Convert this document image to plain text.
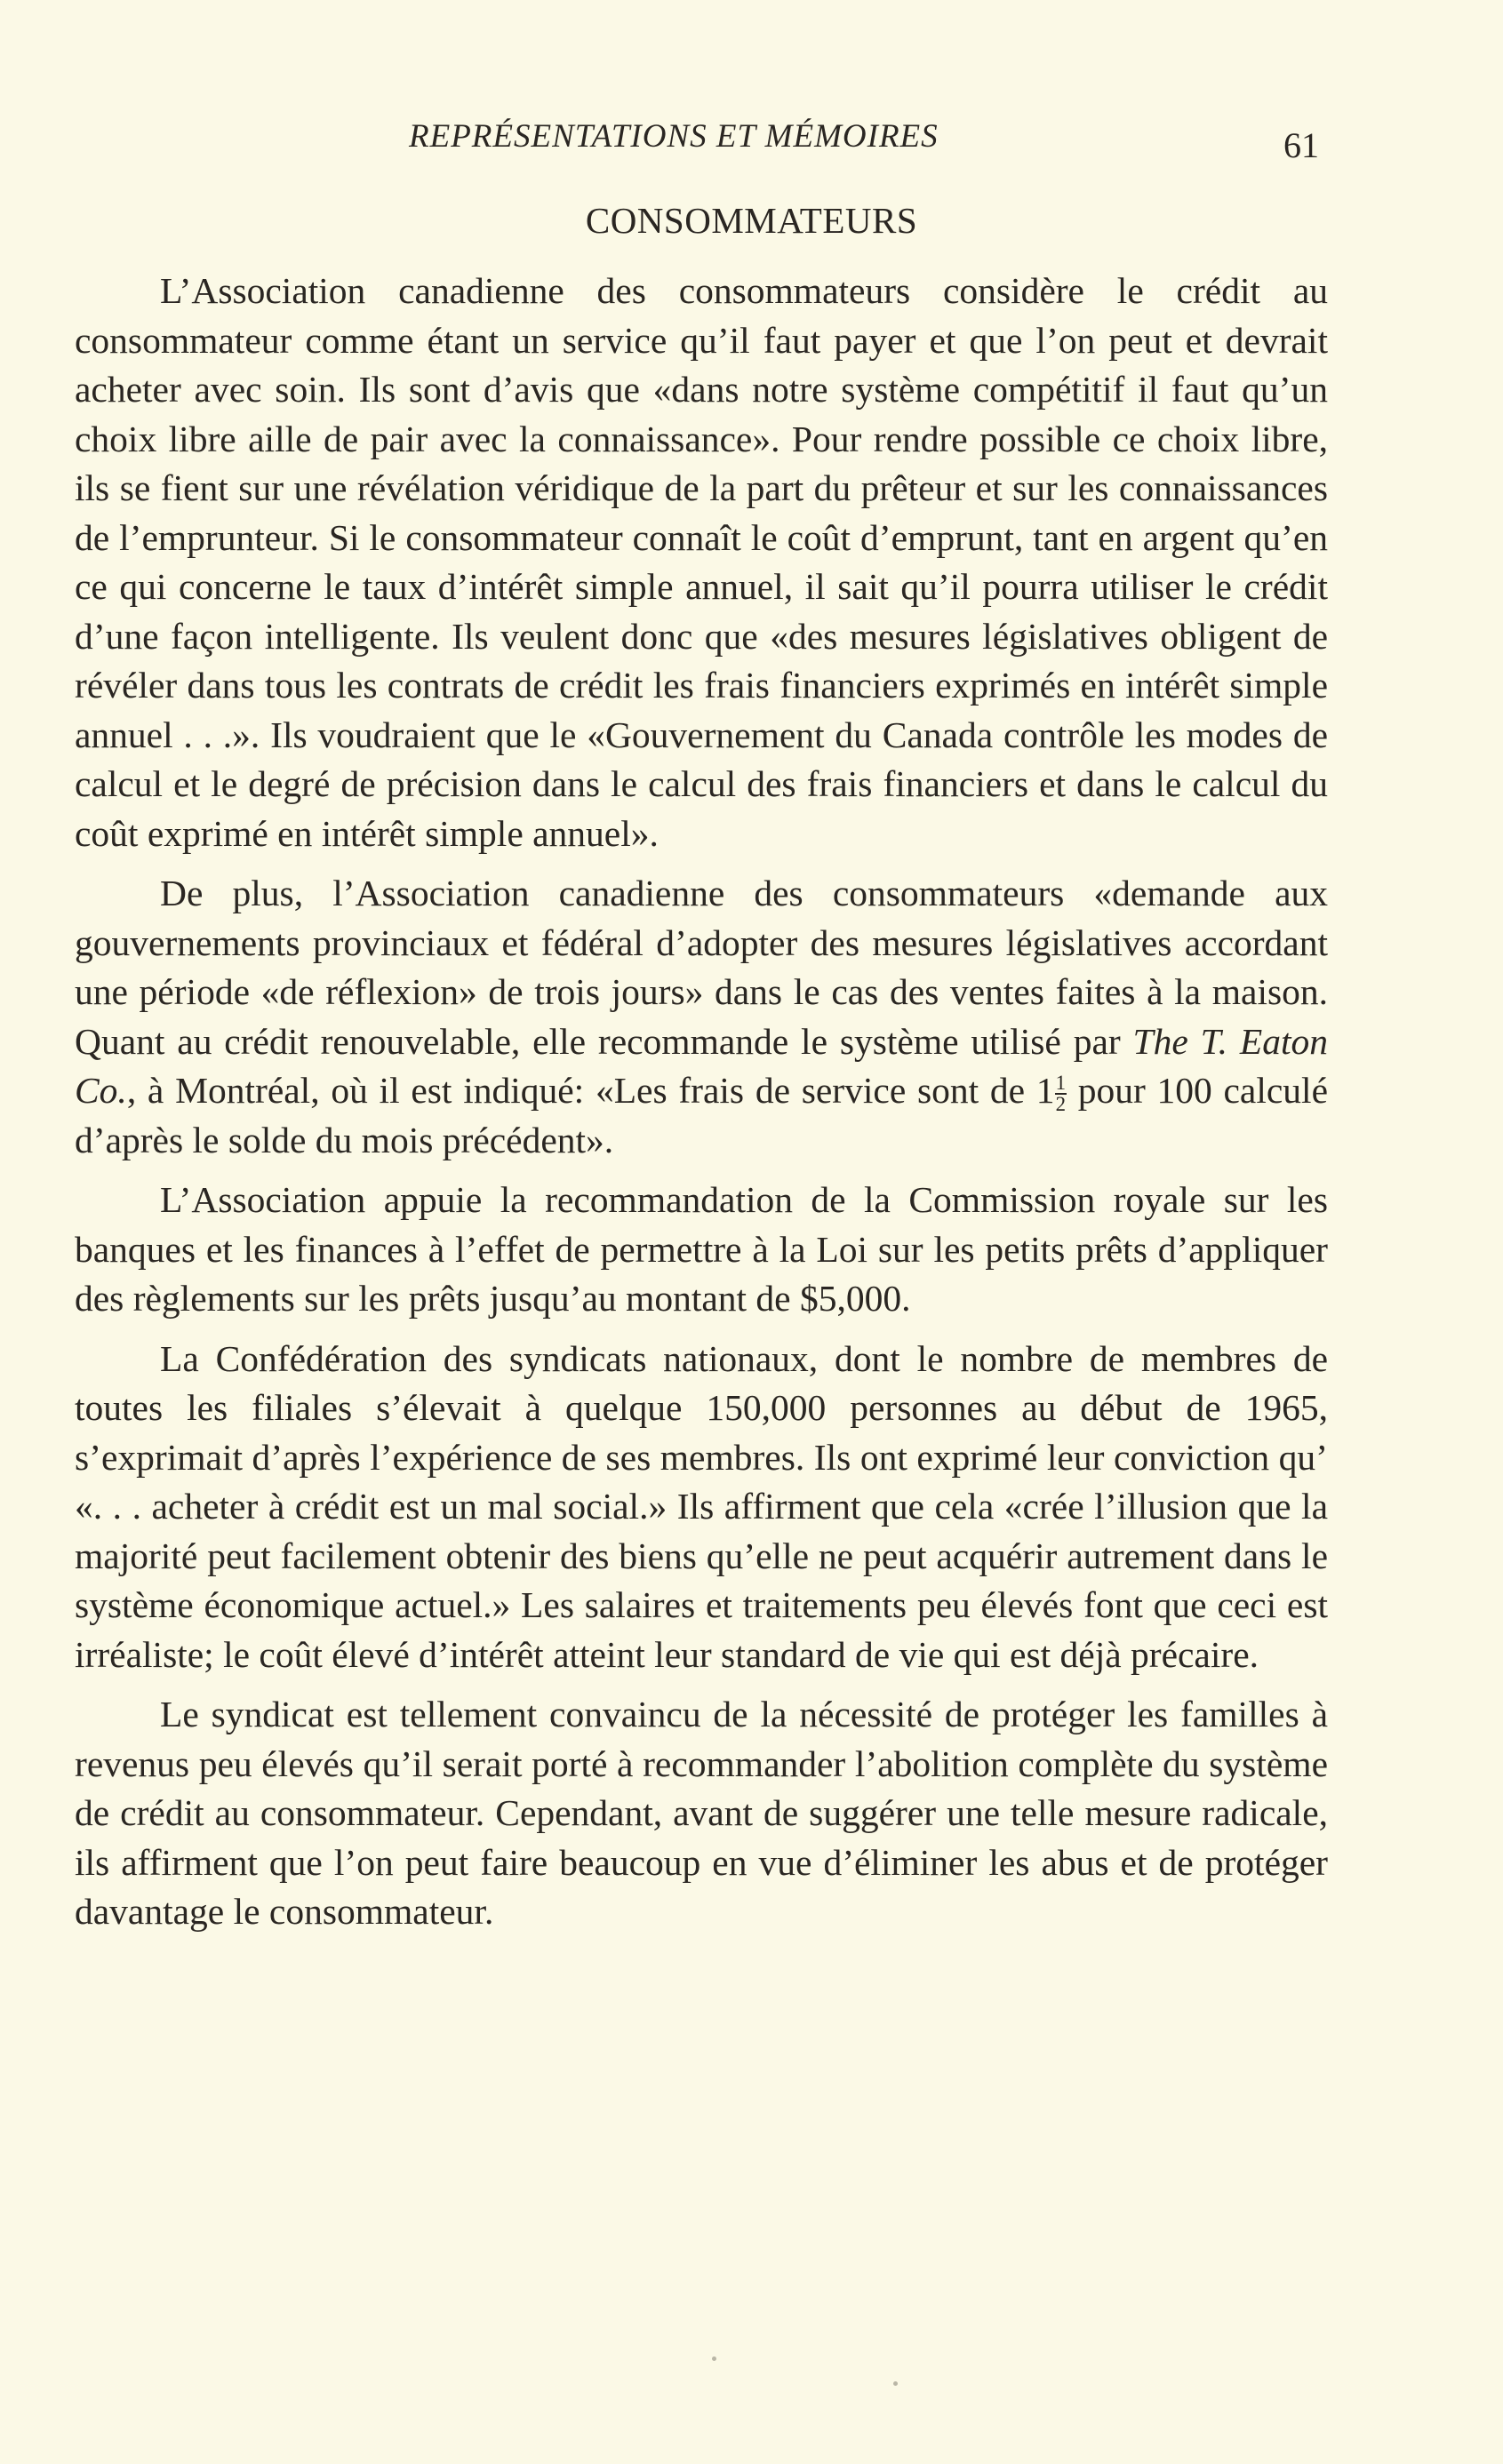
REPRÉSENTATIONS ET MÉMOIRES	61
CONSOMMATEURS

L’Association canadienne des consommateurs considère le crédit au consommateur comme étant un service qu’il faut payer et que l’on peut et devrait acheter avec soin. Ils sont d’avis que «dans notre système compétitif il faut qu’un choix libre aille de pair avec la connaissance». Pour rendre possible ce choix libre, ils se fient sur une révélation véridique de la part du prêteur et sur les connaissances de l’emprunteur. Si le consommateur connaît le coût d’emprunt, tant en argent qu’en ce qui concerne le taux d’intérêt simple annuel, il sait qu’il pourra utiliser le crédit d’une façon intelligente. Ils veulent donc que «des mesures législatives obligent de révéler dans tous les contrats de crédit les frais financiers exprimés en intérêt simple annuel . . .». Ils voudraient que le «Gouvernement du Canada contrôle les modes de calcul et le degré de précision dans le calcul des frais financiers et dans le calcul du coût exprimé en intérêt simple annuel».

De plus, l’Association canadienne des consommateurs «demande aux gouvernements provinciaux et fédéral d’adopter des mesures législatives accordant une période «de réflexion» de trois jours» dans le cas des ventes faites à la maison. Quant au crédit renouvelable, elle recommande le système utilisé par The T. Eaton Co., à Montréal, où il est indiqué: «Les frais de service sont de $1 \frac{1}{2}$ pour 100 calculé d’après le solde du mois précédent».

L’Association appuie la recommandation de la Commission royale sur les banques et les finances à l’effet de permettre à la Loi sur les petits prêts d’appliquer des règlements sur les prêts jusqu’au montant de $5,000.

La Confédération des syndicats nationaux, dont le nombre de membres de toutes les filiales s’élevait à quelque 150,000 personnes au début de 1965, s’exprimait d’après l’expérience de ses membres. Ils ont exprimé leur conviction qu’ «. . . acheter à crédit est un mal social.» Ils affirment que cela «crée l’illusion que la majorité peut facilement obtenir des biens qu’elle ne peut acquérir autrement dans le système économique actuel.» Les salaires et traitements peu élevés font que ceci est irréaliste; le coût élevé d’intérêt atteint leur standard de vie qui est déjà précaire.

Le syndicat est tellement convaincu de la nécessité de protéger les familles à revenus peu élevés qu’il serait porté à recommander l’abolition complète du système de crédit au consommateur. Cependant, avant de suggérer une telle mesure radicale, ils affirment que l’on peut faire beaucoup en vue d’éliminer les abus et de protéger davantage le consommateur.
